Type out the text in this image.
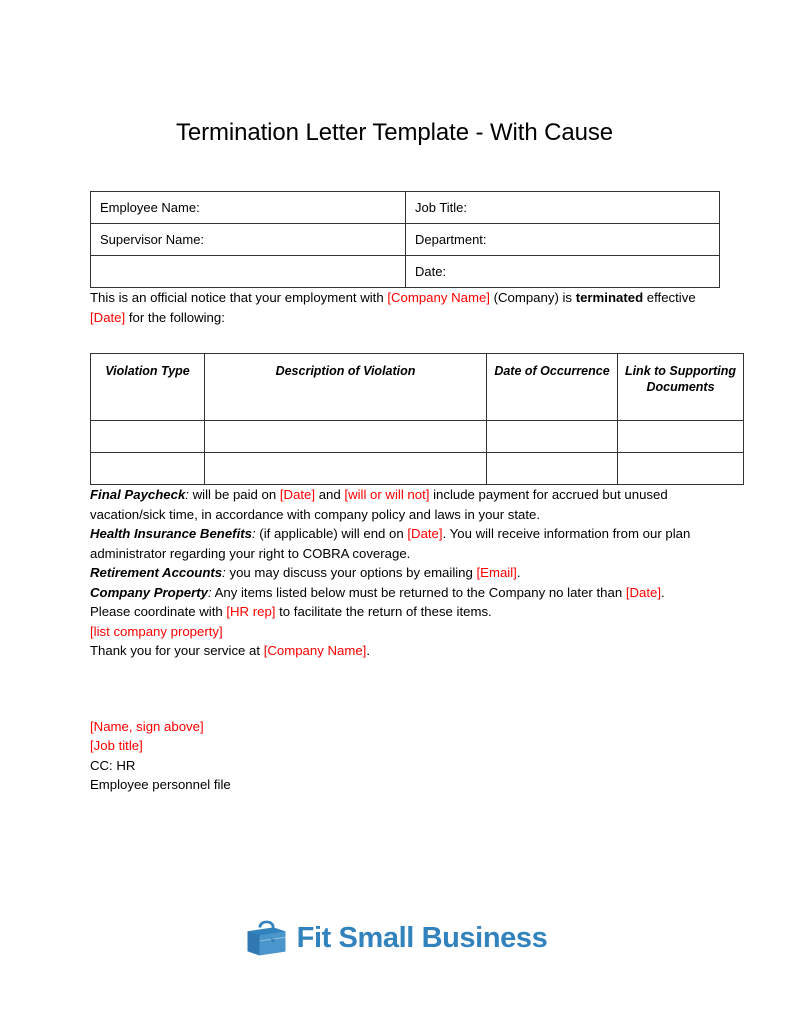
Termination Letter Template - With Cause
Employee Name:	Job Title:
Supervisor Name:	Department:
	Date:

This is an official notice that your employment with [Company Name] (Company) is terminated effective [Date] for the following:

Violation Type	Description of Violation	Date of Occurrence	Link to Supporting Documents

Final Paycheck: will be paid on [Date] and [will or will not] include payment for accrued but unused vacation/sick time, in accordance with company policy and laws in your state.

Health Insurance Benefits: (if applicable) will end on [Date]. You will receive information from our plan administrator regarding your right to COBRA coverage.

Retirement Accounts: you may discuss your options by emailing [Email].

Company Property: Any items listed below must be returned to the Company no later than [Date]. Please coordinate with [HR rep] to facilitate the return of these items.

[list company property]

Thank you for your service at [Company Name].

[Name, sign above]
[Job title]
CC: HR
Employee personnel file
Fit Small Business
